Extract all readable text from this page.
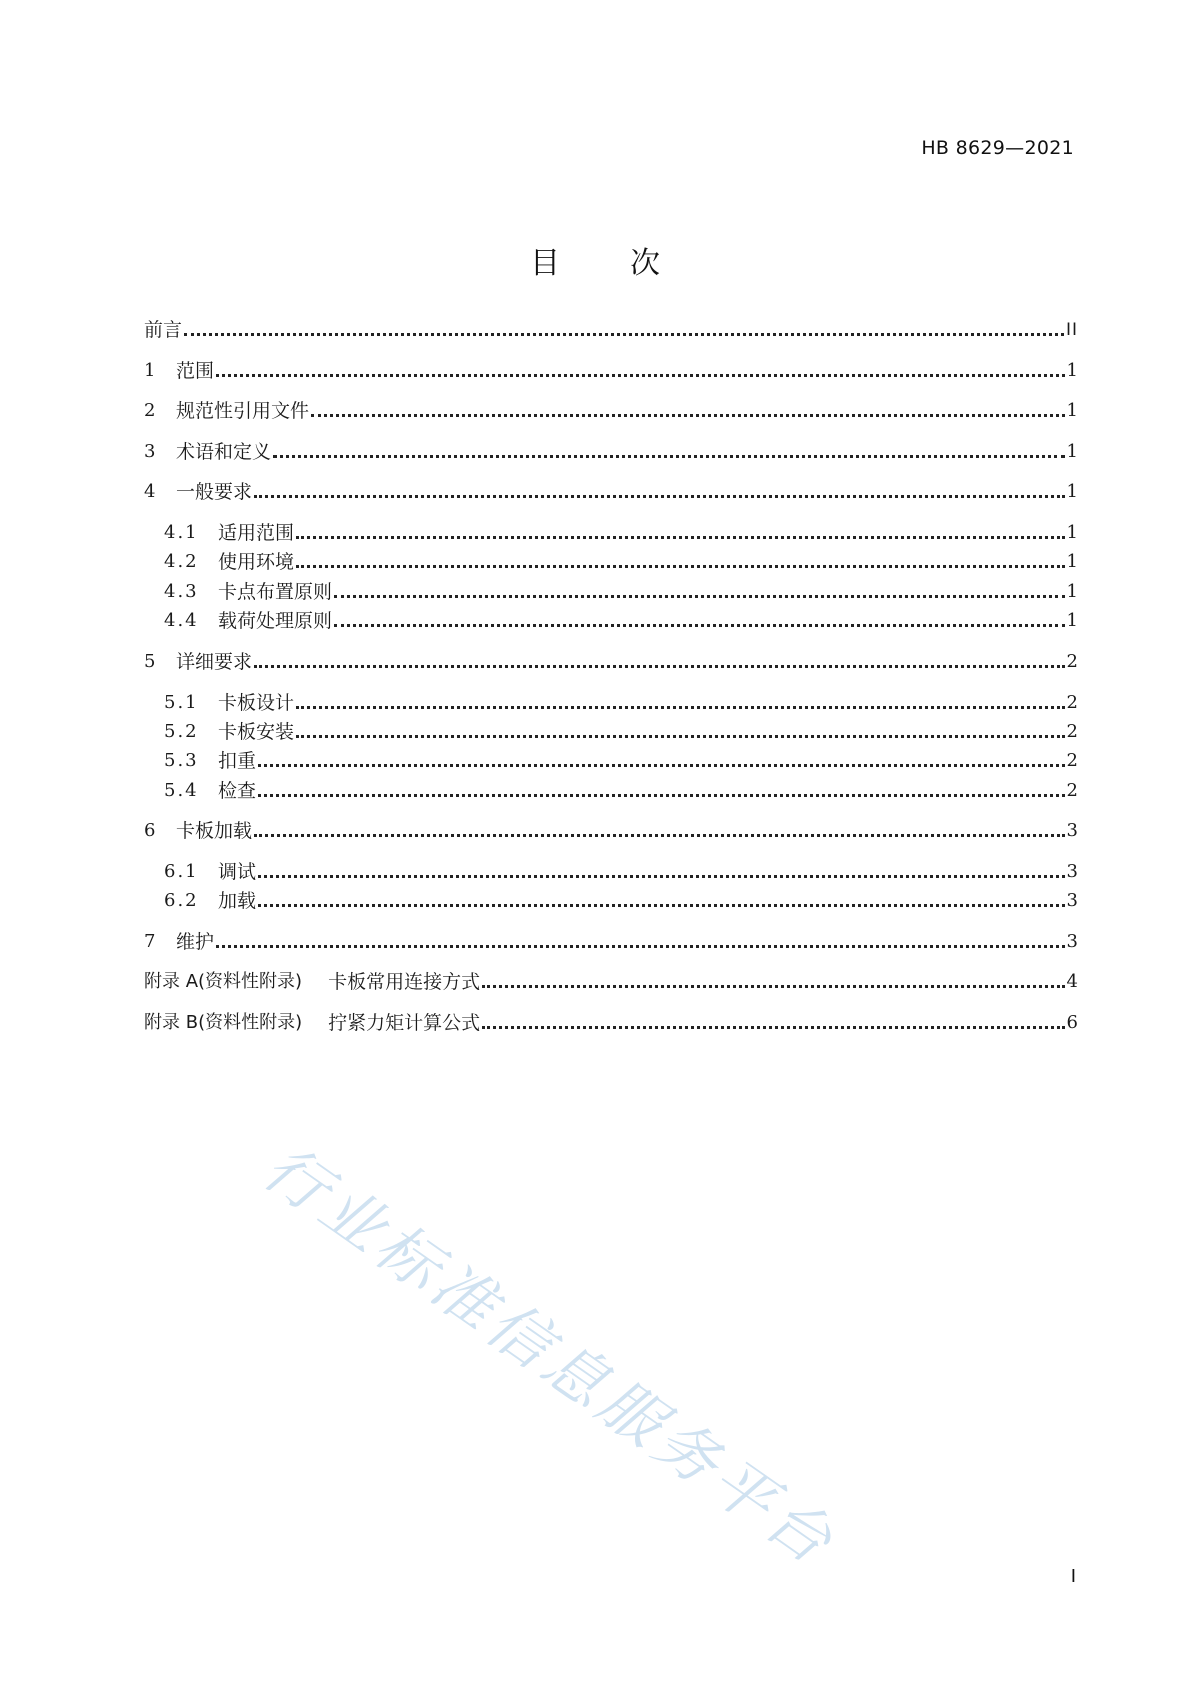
HB 8629—2021
目次
前言	II
1	范围	1
2	规范性引用文件	1
3	术语和定义	1
4	一般要求	1
4.1	适用范围	1
4.2	使用环境	1
4.3	卡点布置原则	1
4.4	载荷处理原则	1
5	详细要求	2
5.1	卡板设计	2
5.2	卡板安装	2
5.3	扣重	2
5.4	检查	2
6	卡板加载	3
6.1	调试	3
6.2	加载	3
7	维护	3
附录 A(资料性附录) 卡板常用连接方式	4
附录 B(资料性附录) 拧紧力矩计算公式	6
行业标准信息服务平台	I
